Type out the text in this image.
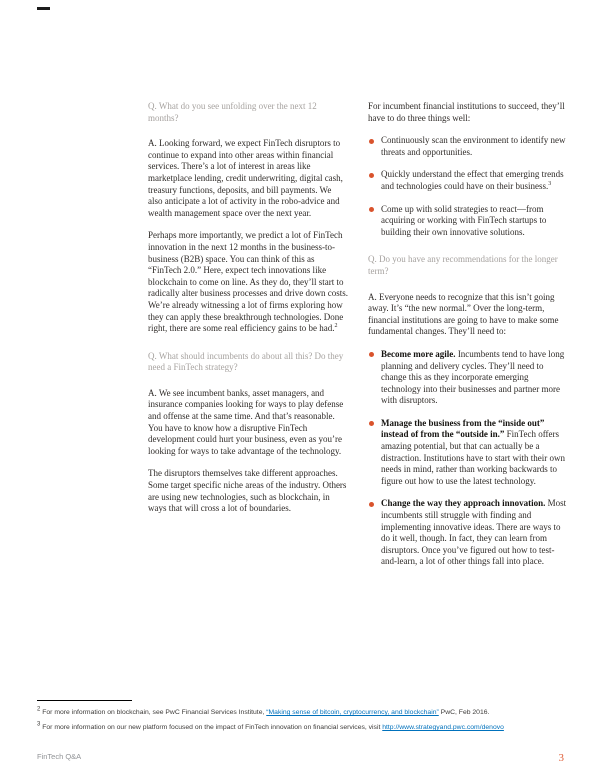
Q. What do you see unfolding over the next 12 months?

A. Looking forward, we expect FinTech disruptors to continue to expand into other areas within financial services. There’s a lot of interest in areas like marketplace lending, credit underwriting, digital cash, treasury functions, deposits, and bill payments. We also anticipate a lot of activity in the robo-advice and wealth management space over the next year.

Perhaps more importantly, we predict a lot of FinTech innovation in the next 12 months in the business-to-business (B2B) space. You can think of this as “FinTech 2.0.” Here, expect tech innovations like blockchain to come on line. As they do, they’ll start to radically alter business processes and drive down costs. We’re already witnessing a lot of firms exploring how they can apply these breakthrough technologies. Done right, there are some real efficiency gains to be had.$^2$

Q. What should incumbents do about all this? Do they need a FinTech strategy?

A. We see incumbent banks, asset managers, and insurance companies looking for ways to play defense and offense at the same time. And that’s reasonable. You have to know how a disruptive FinTech development could hurt your business, even as you’re looking for ways to take advantage of the technology.

The disruptors themselves take different approaches. Some target specific niche areas of the industry. Others are using new technologies, such as blockchain, in ways that will cross a lot of boundaries.

For incumbent financial institutions to succeed, they’ll have to do three things well:

Continuously scan the environment to identify new threats and opportunities.
Quickly understand the effect that emerging trends and technologies could have on their business.$^3$
Come up with solid strategies to react—from acquiring or working with FinTech startups to building their own innovative solutions.

Q. Do you have any recommendations for the longer term?

A. Everyone needs to recognize that this isn’t going away. It’s “the new normal.” Over the long-term, financial institutions are going to have to make some fundamental changes. They’ll need to:

Become more agile. Incumbents tend to have long planning and delivery cycles. They’ll need to change this as they incorporate emerging technology into their businesses and partner more with disruptors.
Manage the business from the “inside out” instead of from the “outside in.” FinTech offers amazing potential, but that can actually be a distraction. Institutions have to start with their own needs in mind, rather than working backwards to figure out how to use the latest technology.
Change the way they approach innovation. Most incumbents still struggle with finding and implementing innovative ideas. There are ways to do it well, though. In fact, they can learn from disruptors. Once you’ve figured out how to test-and-learn, a lot of other things fall into place.

$^2$ For more information on blockchain, see PwC Financial Services Institute, “Making sense of bitcoin, cryptocurrency, and blockchain” PwC, Feb 2016.

$^3$ For more information on our new platform focused on the impact of FinTech innovation on financial services, visit http://www.strategyand.pwc.com/denovo

FinTech Q&A	3
